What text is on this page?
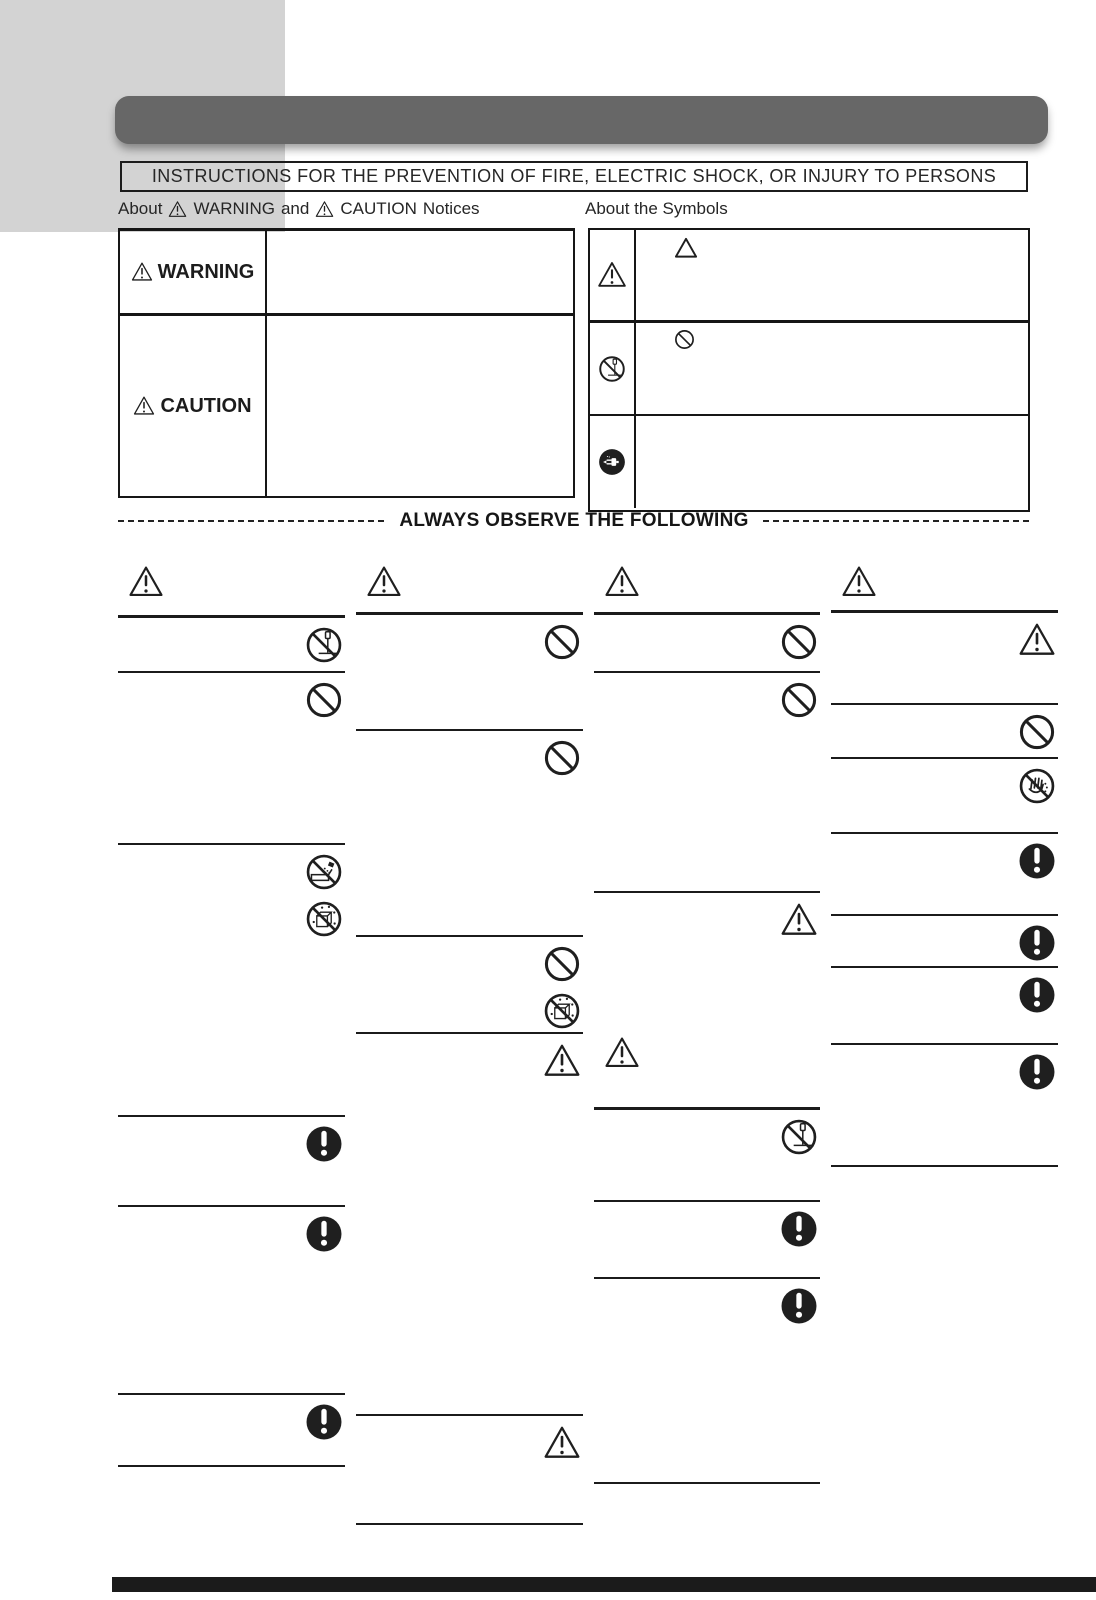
INSTRUCTIONS FOR THE PREVENTION OF FIRE, ELECTRIC SHOCK, OR INJURY TO PERSONS
About WARNING and CAUTION Notices	About the Symbols
WARNING
CAUTION
ALWAYS OBSERVE THE FOLLOWING
